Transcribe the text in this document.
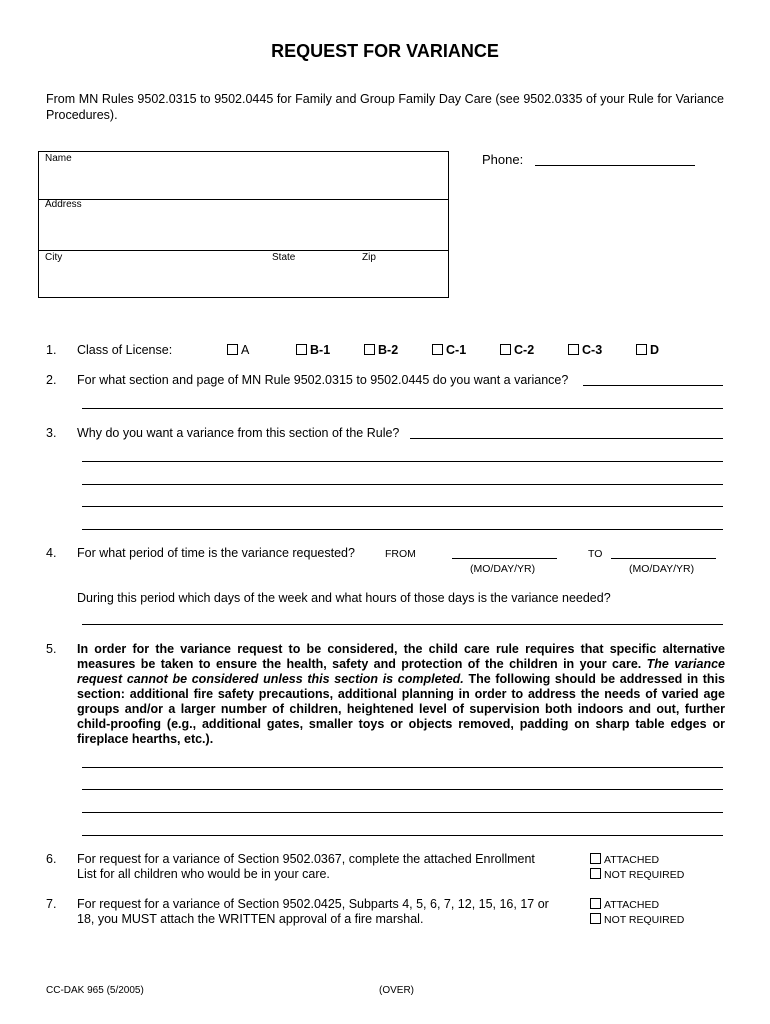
REQUEST FOR VARIANCE
From MN Rules 9502.0315 to 9502.0445 for Family and Group Family Day Care (see 9502.0335 of your Rule for Variance Procedures).
Name
Address
City	State	Zip
Phone:
1. Class of License:	A	B-1	B-2	C-1	C-2	C-3	D
2. For what section and page of MN Rule 9502.0315 to 9502.0445 do you want a variance?
3. Why do you want a variance from this section of the Rule?
4. For what period of time is the variance requested?	FROM
(MO/DAY/YR)
TO
(MO/DAY/YR)
During this period which days of the week and what hours of those days is the variance needed?
5. In order for the variance request to be considered, the child care rule requires that specific alternative measures be taken to ensure the health, safety and protection of the children in your care. The variance request cannot be considered unless this section is completed. The following should be addressed in this section: additional fire safety precautions, additional planning in order to address the needs of varied age groups and/or a larger number of children, heightened level of supervision both indoors and out, further child-proofing (e.g., additional gates, smaller toys or objects removed, padding on sharp table edges or fireplace hearths, etc.).
6. For request for a variance of Section 9502.0367, complete the attached Enrollment
List for all children who would be in your care.
ATTACHED
NOT REQUIRED
7. For request for a variance of Section 9502.0425, Subparts 4, 5, 6, 7, 12, 15, 16, 17 or
18, you MUST attach the WRITTEN approval of a fire marshal.
ATTACHED
NOT REQUIRED
CC-DAK 965 (5/2005)	(OVER)
